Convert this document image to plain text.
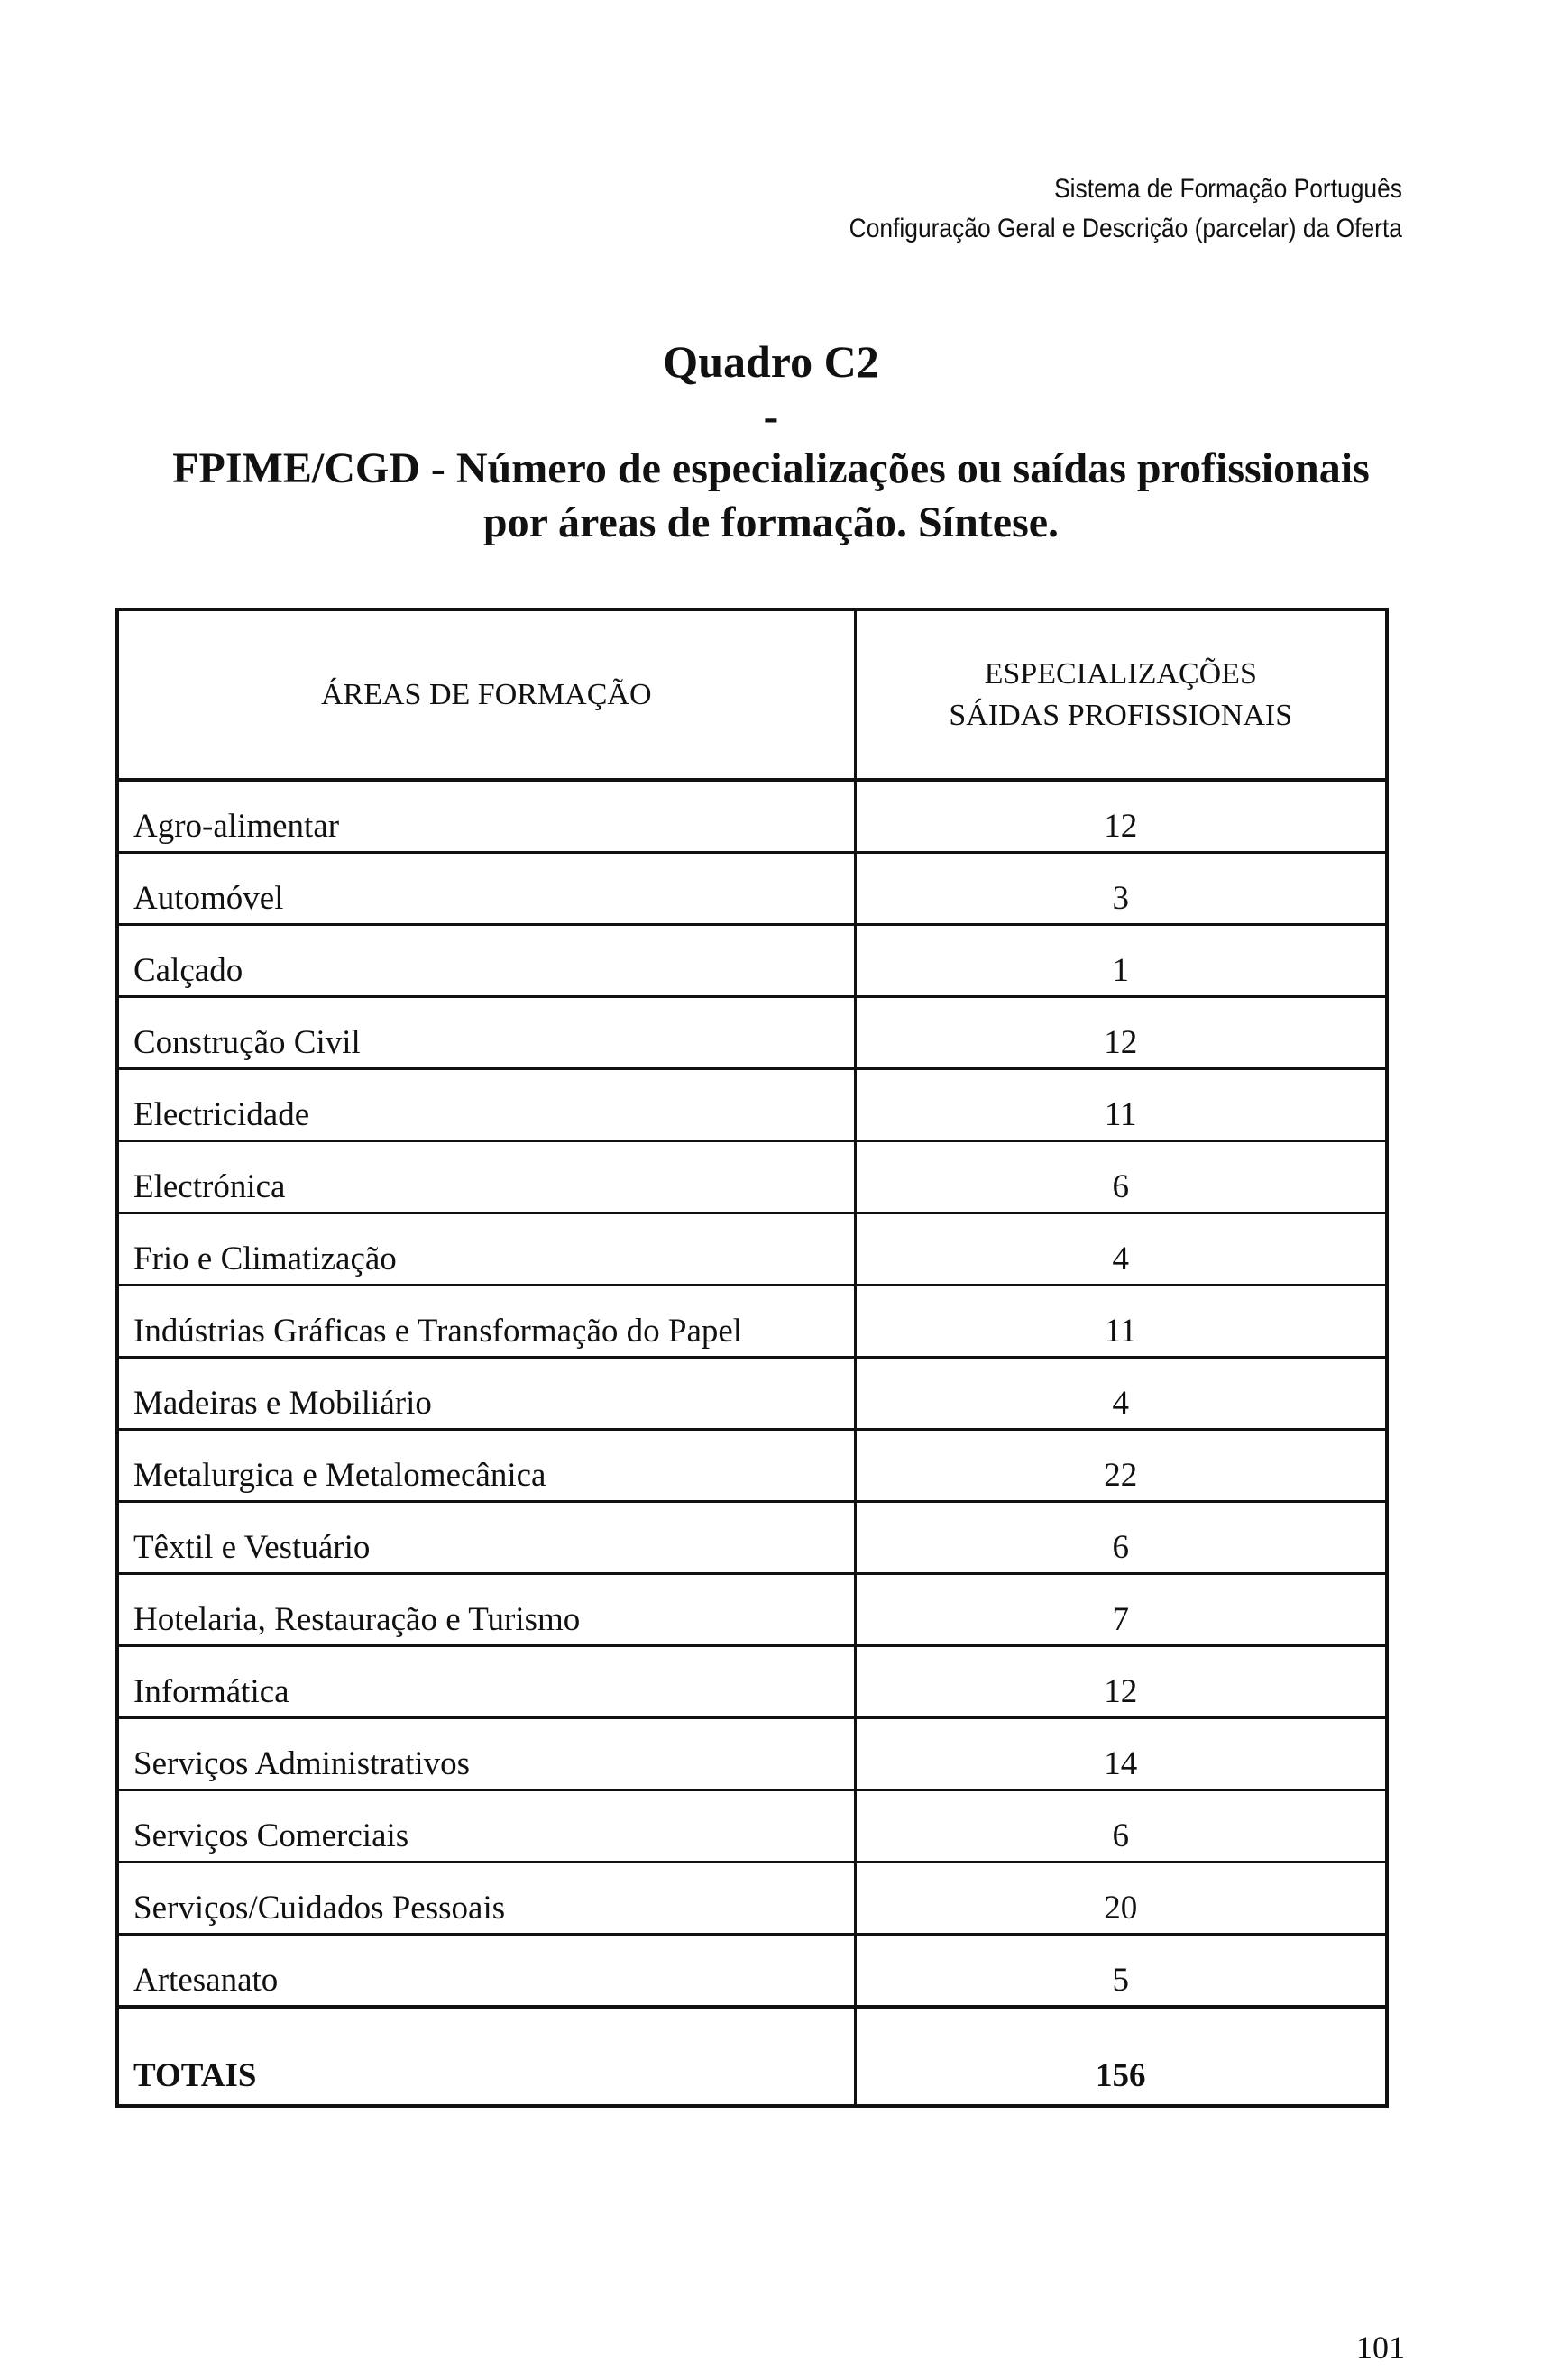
Sistema de Formação Português
Configuração Geral e Descrição (parcelar) da Oferta
Quadro C2
-
FPIME/CGD - Número de especializações ou saídas profissionais
por áreas de formação. Síntese.
ÁREAS DE FORMAÇÃO	ESPECIALIZAÇÕES
SÁIDAS PROFISSIONAIS

Agro-alimentar	12
Automóvel	3
Calçado	1
Construção Civil	12
Electricidade	11
Electrónica	6
Frio e Climatização	4
Indústrias Gráficas e Transformação do Papel	11
Madeiras e Mobiliário	4
Metalurgica e Metalomecânica	22
Têxtil e Vestuário	6
Hotelaria, Restauração e Turismo	7
Informática	12
Serviços Administrativos	14
Serviços Comerciais	6
Serviços/Cuidados Pessoais	20
Artesanato	5
TOTAIS	156
101
